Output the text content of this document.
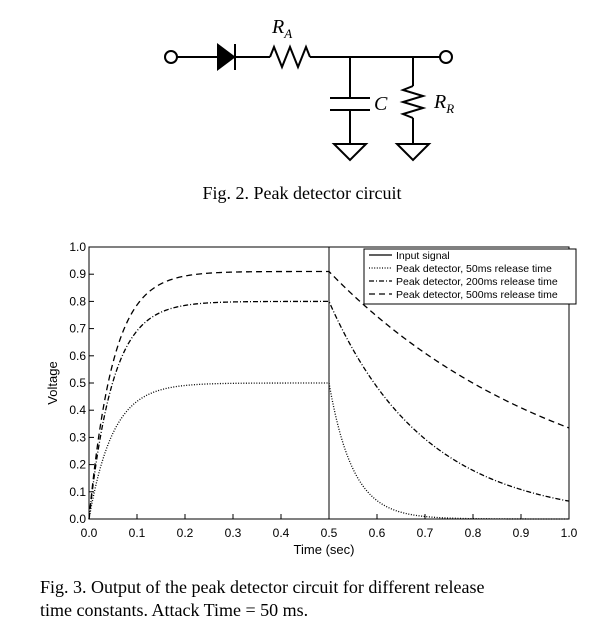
$R_A$
C $R_R$
Fig. 2. Peak detector circuit
0.0
0.1
0.2
0.3
0.4
0.5
0.6
0.7
0.8
0.9
1.0
0.0	0.1	0.2	0.3	0.4	0.5	0.6	0.7	0.8	0.9	1.0
Time (sec)
Voltage
Input signal
Peak detector, 50ms release time
Peak detector, 200ms release time
Peak detector, 500ms release time
Fig. 3. Output of the peak detector circuit for different release
time constants. Attack Time = 50 ms.
